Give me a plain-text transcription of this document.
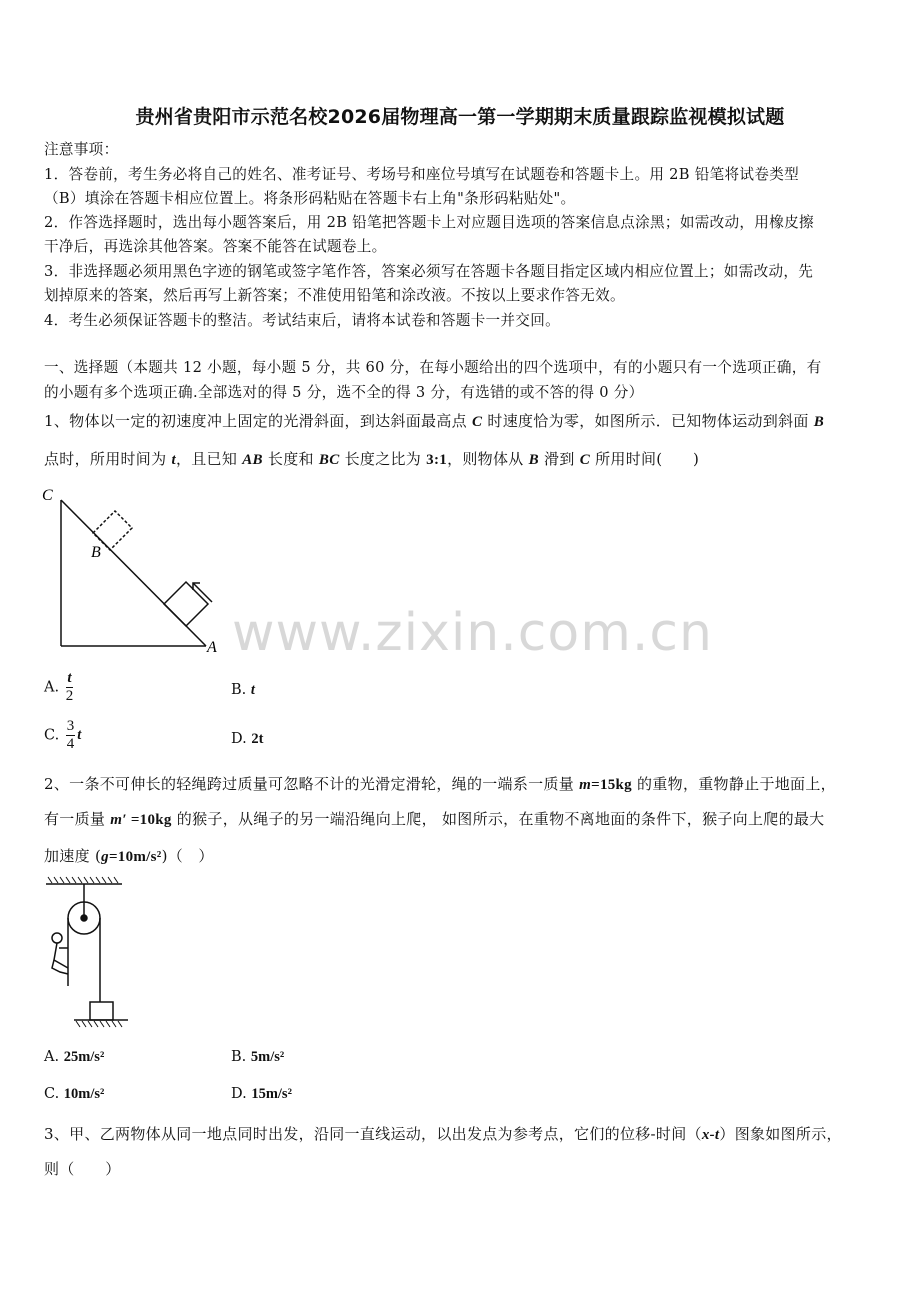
贵州省贵阳市示范名校2026届物理高一第一学期期末质量跟踪监视模拟试题
注意事项：
1．答卷前，考生务必将自己的姓名、准考证号、考场号和座位号填写在试题卷和答题卡上。用 2B 铅笔将试卷类型
（B）填涂在答题卡相应位置上。将条形码粘贴在答题卡右上角"条形码粘贴处"。
2．作答选择题时，选出每小题答案后，用 2B 铅笔把答题卡上对应题目选项的答案信息点涂黑；如需改动，用橡皮擦
干净后，再选涂其他答案。答案不能答在试题卷上。
3．非选择题必须用黑色字迹的钢笔或签字笔作答，答案必须写在答题卡各题目指定区域内相应位置上；如需改动，先
划掉原来的答案，然后再写上新答案；不准使用铅笔和涂改液。不按以上要求作答无效。
4．考生必须保证答题卡的整洁。考试结束后，请将本试卷和答题卡一并交回。
一、选择题（本题共 12 小题，每小题 5 分，共 60 分，在每小题给出的四个选项中，有的小题只有一个选项正确，有
的小题有多个选项正确.全部选对的得 5 分，选不全的得 3 分，有选错的或不答的得 0 分）
1、物体以一定的初速度冲上固定的光滑斜面，到达斜面最高点 C 时速度恰为零，如图所示．已知物体运动到斜面 B
点时，所用时间为 t，且已知 AB 长度和 BC 长度之比为 3:1，则物体从 B 滑到 C 所用时间(　　)
C
B
A www.zixin.com.cn
A. $\frac{t}{2}$	B. t
C. $\frac{3}{4}$ t	D. 2t
2、一条不可伸长的轻绳跨过质量可忽略不计的光滑定滑轮，绳的一端系一质量 m=15kg 的重物，重物静止于地面上，
有一质量 m′ =10kg 的猴子，从绳子的另一端沿绳向上爬， 如图所示，在重物不离地面的条件下，猴子向上爬的最大
加速度 (g=10m/s²)（　）
A. 25m/s²	B. 5m/s²
C. 10m/s²	D. 15m/s²
3、甲、乙两物体从同一地点同时出发，沿同一直线运动，以出发点为参考点，它们的位移-时间（x-t）图象如图所示，
则（　　）
